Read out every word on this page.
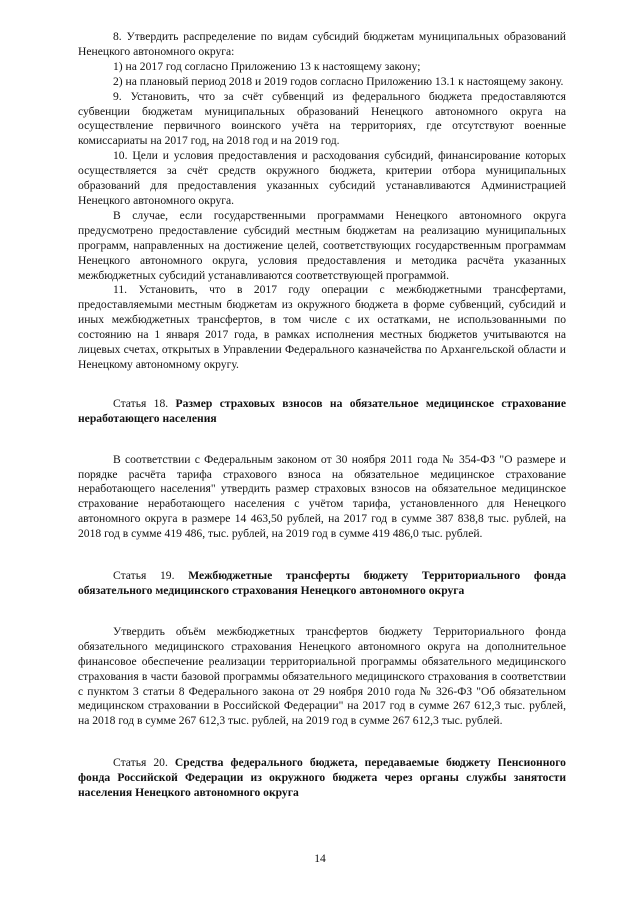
8. Утвердить распределение по видам субсидий бюджетам муниципальных образований Ненецкого автономного округа:

1) на 2017 год согласно Приложению 13 к настоящему закону;

2) на плановый период 2018 и 2019 годов согласно Приложению 13.1 к настоящему закону.

9. Установить, что за счёт субвенций из федерального бюджета предоставляются субвенции бюджетам муниципальных образований Ненецкого автономного округа на осуществление первичного воинского учёта на территориях, где отсутствуют военные комиссариаты на 2017 год, на 2018 год и на 2019 год.

10. Цели и условия предоставления и расходования субсидий, финансирование которых осуществляется за счёт средств окружного бюджета, критерии отбора муниципальных образований для предоставления указанных субсидий устанавливаются Администрацией Ненецкого автономного округа.

В случае, если государственными программами Ненецкого автономного округа предусмотрено предоставление субсидий местным бюджетам на реализацию муниципальных программ, направленных на достижение целей, соответствующих государственным программам Ненецкого автономного округа, условия предоставления и методика расчёта указанных межбюджетных субсидий устанавливаются соответствующей программой.

11. Установить, что в 2017 году операции с межбюджетными трансфертами, предоставляемыми местным бюджетам из окружного бюджета в форме субвенций, субсидий и иных межбюджетных трансфертов, в том числе с их остатками, не использованными по состоянию на 1 января 2017 года, в рамках исполнения местных бюджетов учитываются на лицевых счетах, открытых в Управлении Федерального казначейства по Архангельской области и Ненецкому автономному округу.

Статья 18. Размер страховых взносов на обязательное медицинское страхование неработающего населения

В соответствии с Федеральным законом от 30 ноября 2011 года № 354-ФЗ "О размере и порядке расчёта тарифа страхового взноса на обязательное медицинское страхование неработающего населения" утвердить размер страховых взносов на обязательное медицинское страхование неработающего населения с учётом тарифа, установленного для Ненецкого автономного округа в размере 14 463,50 рублей, на 2017 год в сумме 387 838,8 тыс. рублей, на 2018 год в сумме 419 486, тыс. рублей, на 2019 год в сумме 419 486,0 тыс. рублей.

Статья 19. Межбюджетные трансферты бюджету Территориального фонда обязательного медицинского страхования Ненецкого автономного округа

Утвердить объём межбюджетных трансфертов бюджету Территориального фонда обязательного медицинского страхования Ненецкого автономного округа на дополнительное финансовое обеспечение реализации территориальной программы обязательного медицинского страхования в части базовой программы обязательного медицинского страхования в соответствии с пунктом 3 статьи 8 Федерального закона от 29 ноября 2010 года № 326-ФЗ "Об обязательном медицинском страховании в Российской Федерации" на 2017 год в сумме 267 612,3 тыс. рублей, на 2018 год в сумме 267 612,3 тыс. рублей, на 2019 год в сумме 267 612,3 тыс. рублей.

Статья 20. Средства федерального бюджета, передаваемые бюджету Пенсионного фонда Российской Федерации из окружного бюджета через органы службы занятости населения Ненецкого автономного округа

14
